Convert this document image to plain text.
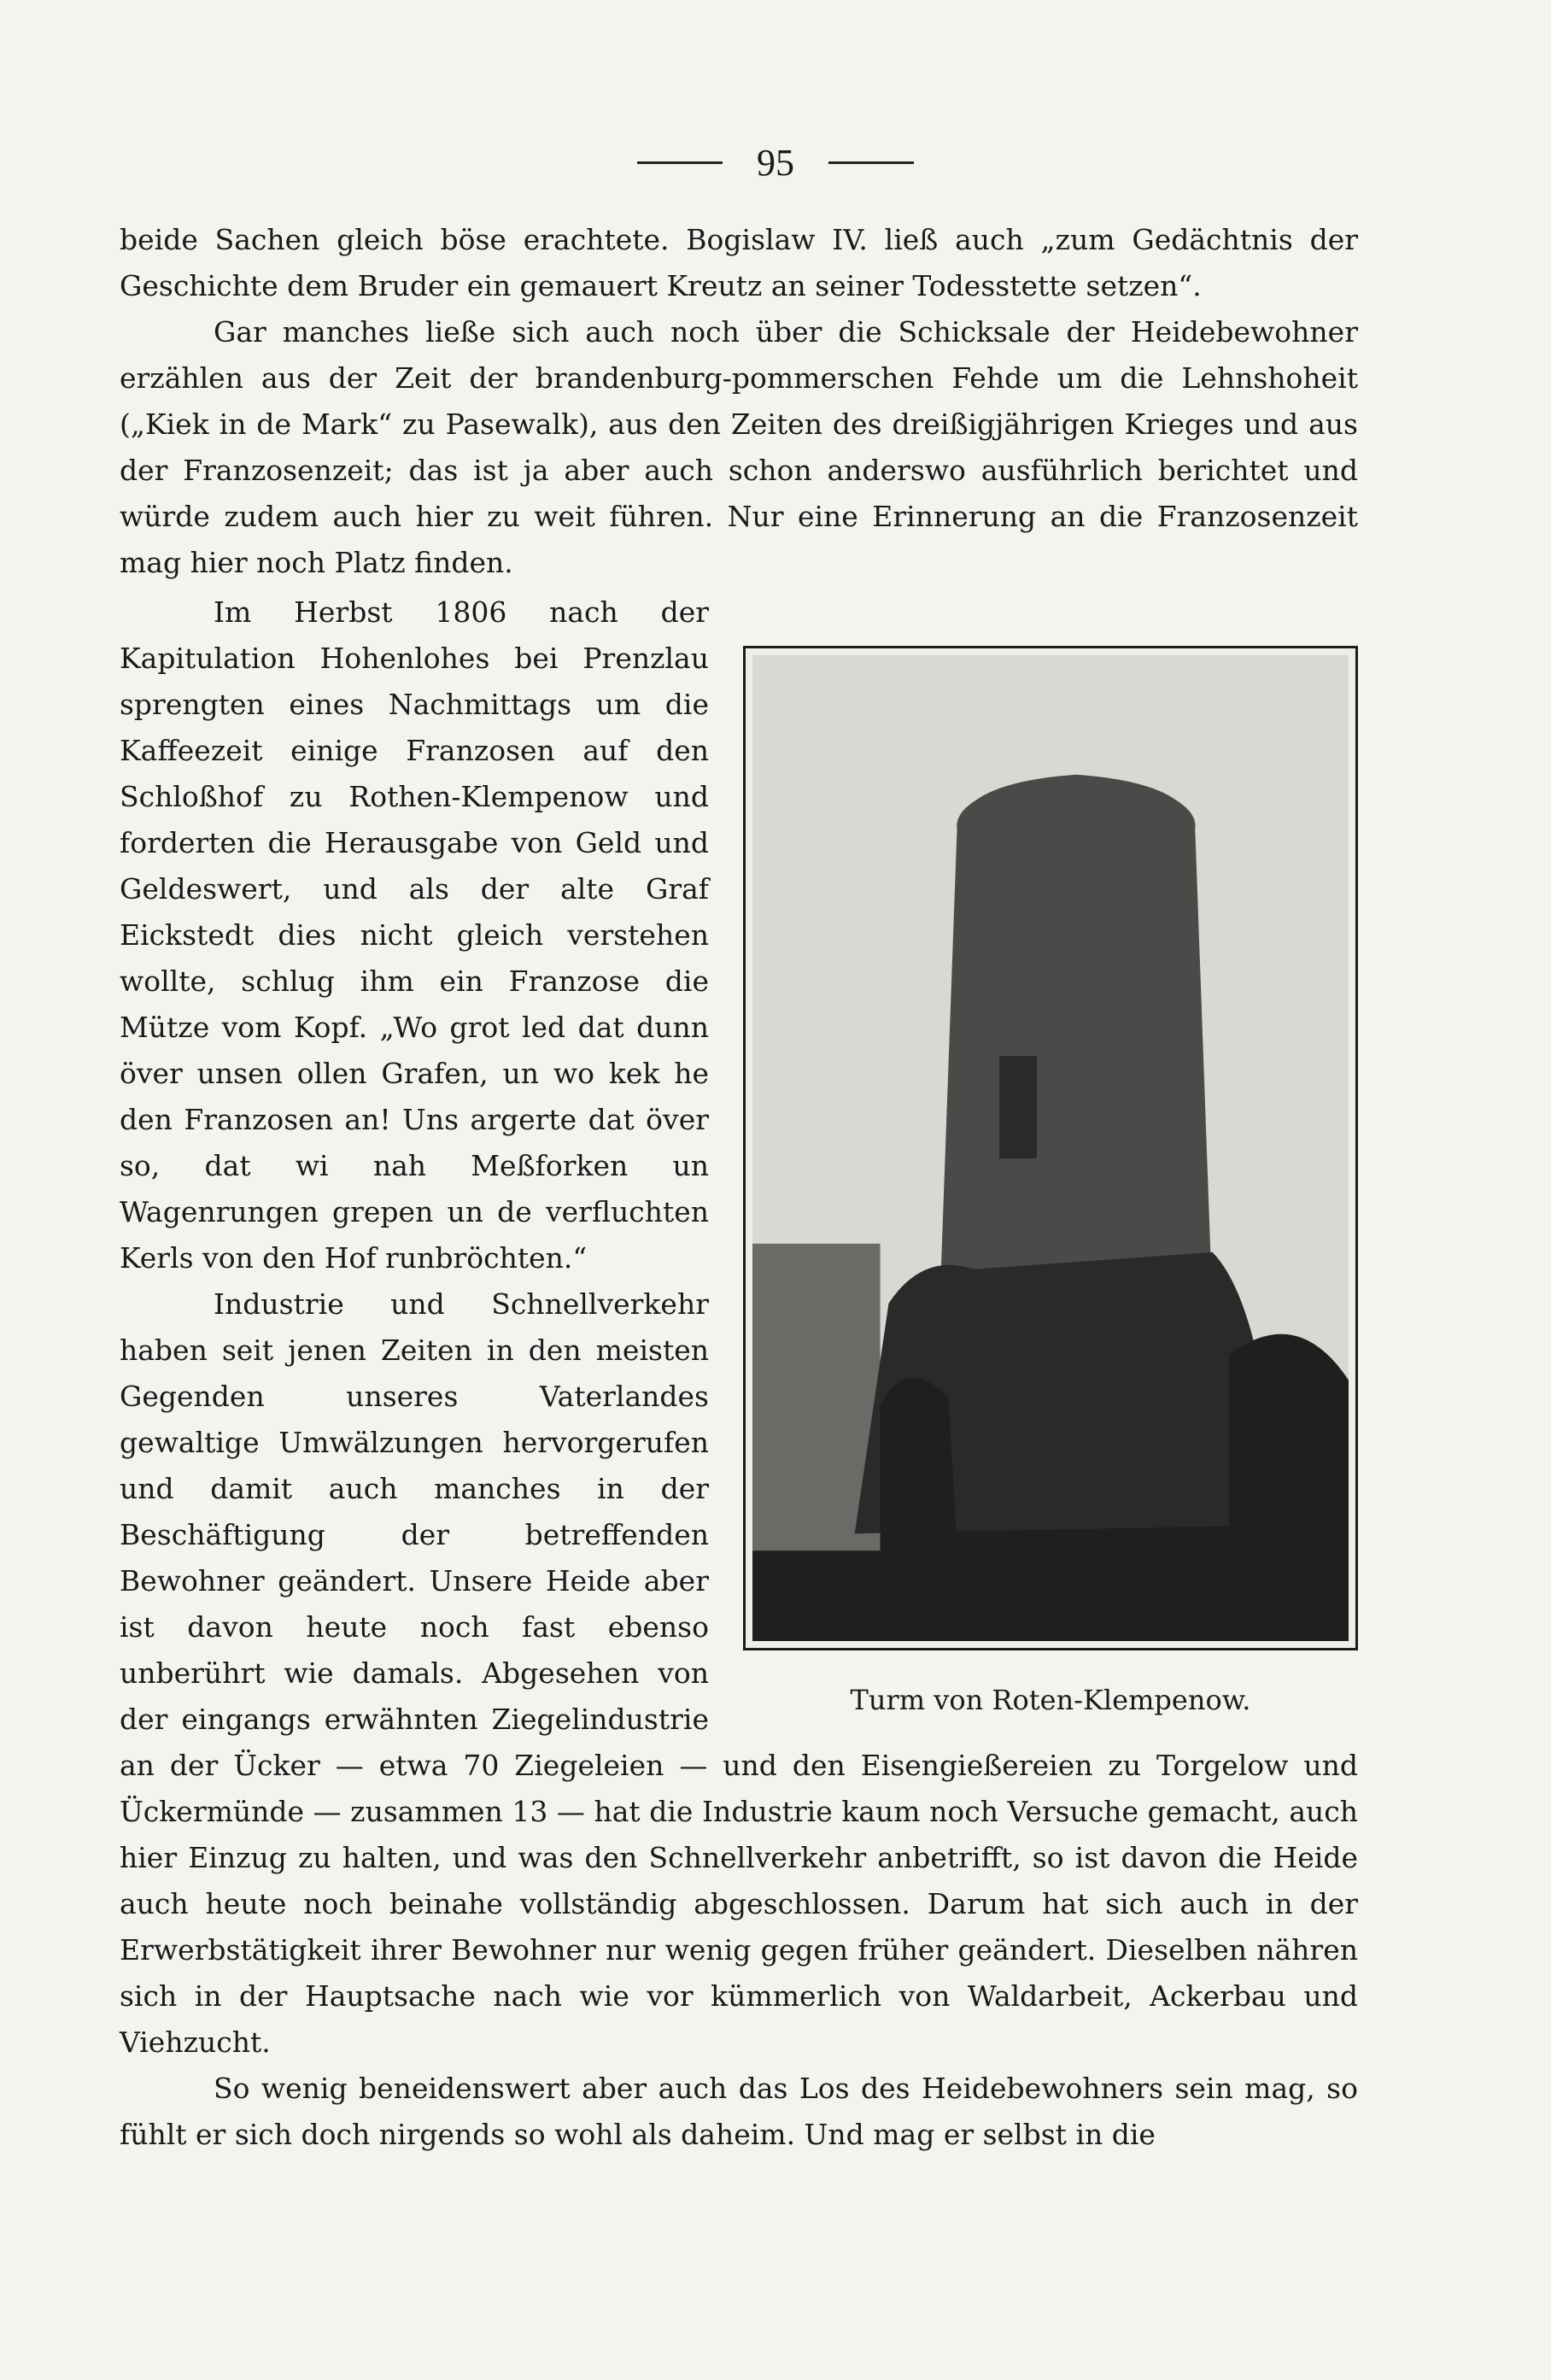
95

beide Sachen gleich böse erachtete. Bogislaw IV. ließ auch „zum Gedächtnis der Geschichte dem Bruder ein gemauert Kreutz an seiner Todesstette setzen“.

Gar manches ließe sich auch noch über die Schicksale der Heidebewohner erzählen aus der Zeit der brandenburg-pommerschen Fehde um die Lehnshoheit („Kiek in de Mark“ zu Pasewalk), aus den Zeiten des dreißigjährigen Krieges und aus der Franzosenzeit; das ist ja aber auch schon anderswo ausführlich berichtet und würde zudem auch hier zu weit führen. Nur eine Erinnerung an die Franzosenzeit mag hier noch Platz finden.

Turm von Roten-Klempenow.

Im Herbst 1806 nach der Kapitulation Hohenlohes bei Prenzlau sprengten eines Nachmittags um die Kaffeezeit einige Franzosen auf den Schloßhof zu Rothen-Klempenow und forderten die Herausgabe von Geld und Geldeswert, und als der alte Graf Eickstedt dies nicht gleich verstehen wollte, schlug ihm ein Franzose die Mütze vom Kopf. „Wo grot led dat dunn över unsen ollen Grafen, un wo kek he den Franzosen an! Uns argerte dat över so, dat wi nah Meßforken un Wagenrungen grepen un de verfluchten Kerls von den Hof runbröchten.“

Industrie und Schnellverkehr haben seit jenen Zeiten in den meisten Gegenden unseres Vaterlandes gewaltige Umwälzungen hervorgerufen und damit auch manches in der Beschäftigung der betreffenden Bewohner geändert. Unsere Heide aber ist davon heute noch fast ebenso unberührt wie damals. Abgesehen von der eingangs erwähnten Ziegelindustrie an der Ücker — etwa 70 Ziegeleien — und den Eisengießereien zu Torgelow und Ückermünde — zusammen 13 — hat die Industrie kaum noch Versuche gemacht, auch hier Einzug zu halten, und was den Schnellverkehr anbetrifft, so ist davon die Heide auch heute noch beinahe vollständig abgeschlossen. Darum hat sich auch in der Erwerbstätigkeit ihrer Bewohner nur wenig gegen früher geändert. Dieselben nähren sich in der Hauptsache nach wie vor kümmerlich von Waldarbeit, Ackerbau und Viehzucht.

So wenig beneidenswert aber auch das Los des Heidebewohners sein mag, so fühlt er sich doch nirgends so wohl als daheim. Und mag er selbst in die
